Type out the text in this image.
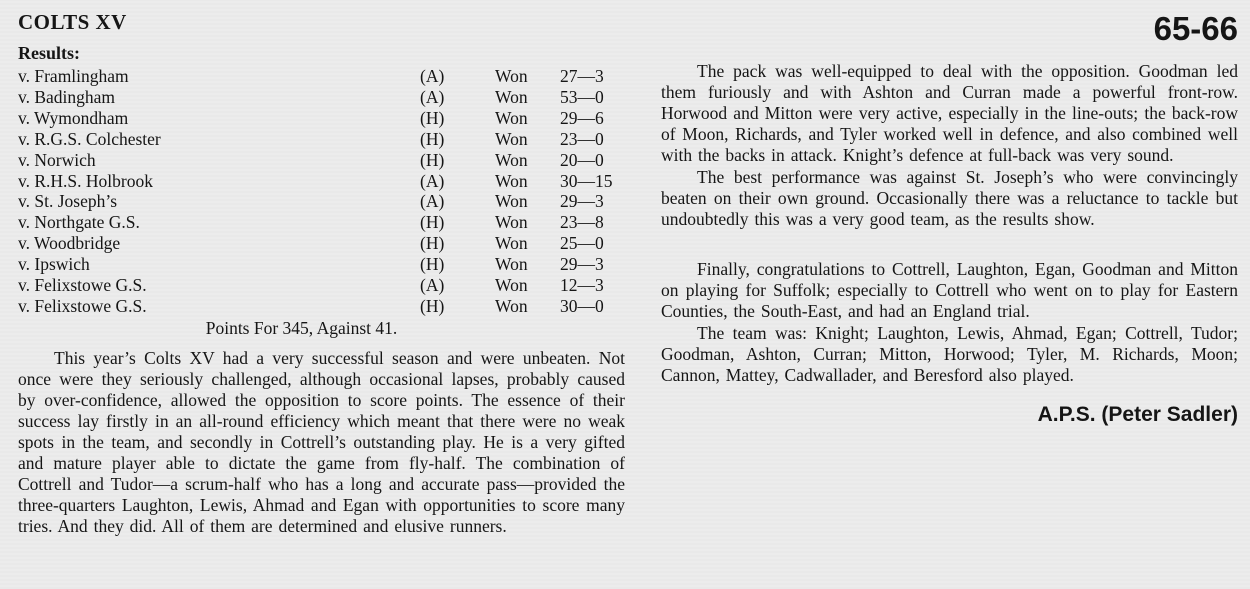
COLTS XV
Results:
v. Framlingham	(A)	Won	27—3
v. Badingham	(A)	Won	53—0
v. Wymondham	(H)	Won	29—6
v. R.G.S. Colchester	(H)	Won	23—0
v. Norwich	(H)	Won	20—0
v. R.H.S. Holbrook	(A)	Won	30—15
v. St. Joseph’s	(A)	Won	29—3
v. Northgate G.S.	(H)	Won	23—8
v. Woodbridge	(H)	Won	25—0
v. Ipswich	(H)	Won	29—3
v. Felixstowe G.S.	(A)	Won	12—3
v. Felixstowe G.S.	(H)	Won	30—0
Points For 345, Against 41.

This year’s Colts XV had a very successful season and were unbeaten. Not once were they seriously challenged, although occasional lapses, probably caused by over-confidence, allowed the opposition to score points. The essence of their success lay firstly in an all-round efficiency which meant that there were no weak spots in the team, and secondly in Cottrell’s outstanding play. He is a very gifted and mature player able to dictate the game from fly-half. The combination of Cottrell and Tudor—a scrum-half who has a long and accurate pass—provided the three-quarters Laughton, Lewis, Ahmad and Egan with opportunities to score many tries. And they did. All of them are determined and elusive runners.

65-66

The pack was well-equipped to deal with the opposition. Goodman led them furiously and with Ashton and Curran made a powerful front-row. Horwood and Mitton were very active, especially in the line-outs; the back-row of Moon, Richards, and Tyler worked well in defence, and also combined well with the backs in attack. Knight’s defence at full-back was very sound.

The best performance was against St. Joseph’s who were convincingly beaten on their own ground. Occasionally there was a reluctance to tackle but undoubtedly this was a very good team, as the results show.

Finally, congratulations to Cottrell, Laughton, Egan, Goodman and Mitton on playing for Suffolk; especially to Cottrell who went on to play for Eastern Counties, the South-East, and had an England trial.

The team was: Knight; Laughton, Lewis, Ahmad, Egan; Cottrell, Tudor; Goodman, Ashton, Curran; Mitton, Horwood; Tyler, M. Richards, Moon; Cannon, Mattey, Cadwallader, and Beresford also played.

A.P.S. (Peter Sadler)
